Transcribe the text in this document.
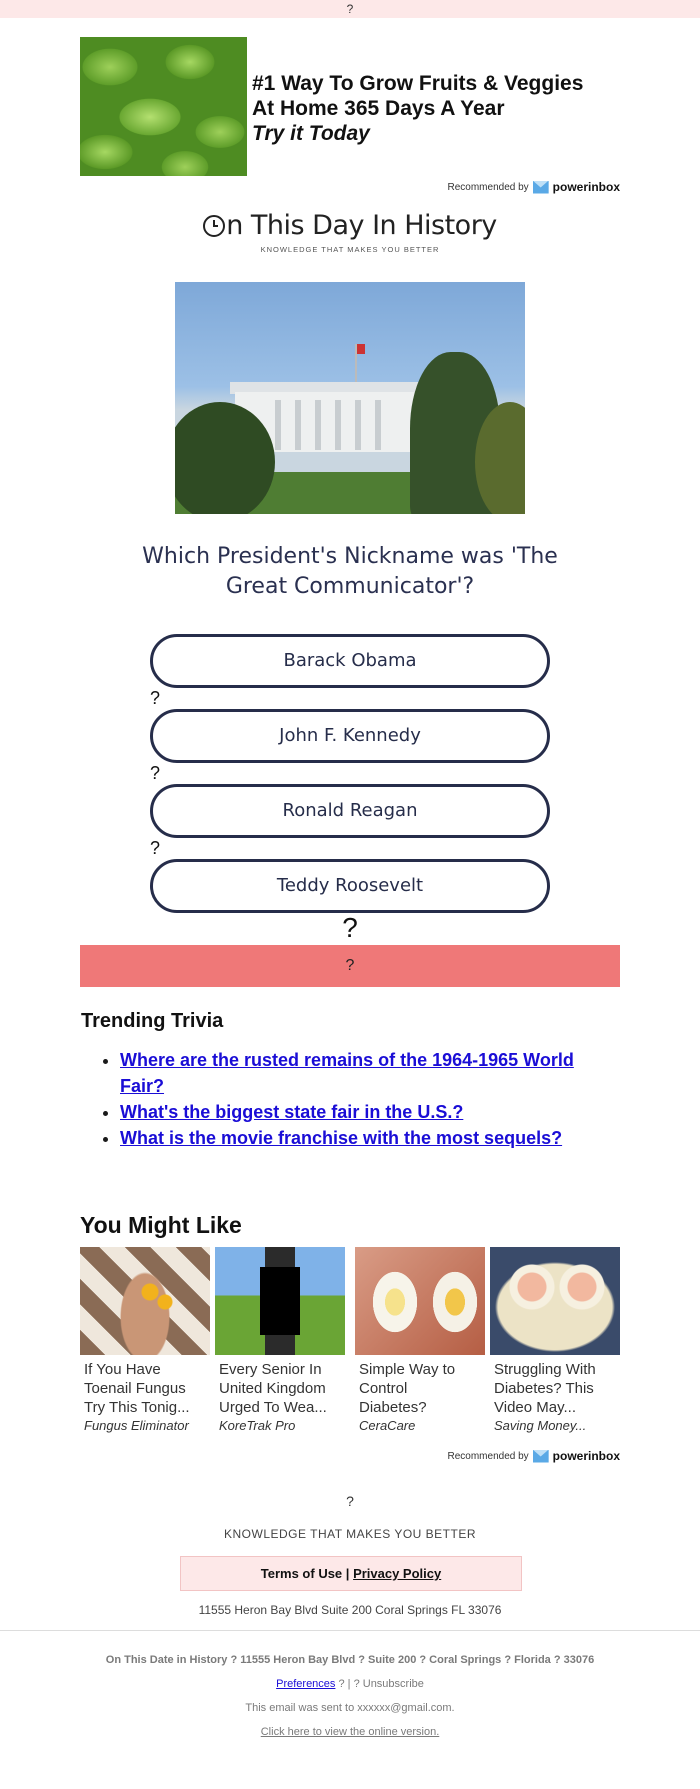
?
#1 Way To Grow Fruits & Veggies
At Home 365 Days A Year
Try it Today
Recommended by powerinbox
n This Day In History
KNOWLEDGE THAT MAKES YOU BETTER
Which President's Nickname was 'The
Great Communicator'?
Barack Obama
?
John F. Kennedy
?
Ronald Reagan
?
Teddy Roosevelt
?
?
Trending Trivia
• Where are the rusted remains of the 1964-1965 World Fair?
• What's the biggest state fair in the U.S.?
• What is the movie franchise with the most sequels?
You Might Like
If You Have
Toenail Fungus
Try This Tonig...
Fungus Eliminator
Every Senior In
United Kingdom
Urged To Wea...
KoreTrak Pro
Simple Way to
Control
Diabetes?
CeraCare
Struggling With
Diabetes? This
Video May...
Saving Money...
Recommended by powerinbox
?
KNOWLEDGE THAT MAKES YOU BETTER
Terms of Use | Privacy Policy
11555 Heron Bay Blvd Suite 200 Coral Springs FL 33076
On This Date in History ? 11555 Heron Bay Blvd ? Suite 200 ? Coral Springs ? Florida ? 33076
Preferences ? | ? Unsubscribe
This email was sent to xxxxxx@gmail.com.
Click here to view the online version.
